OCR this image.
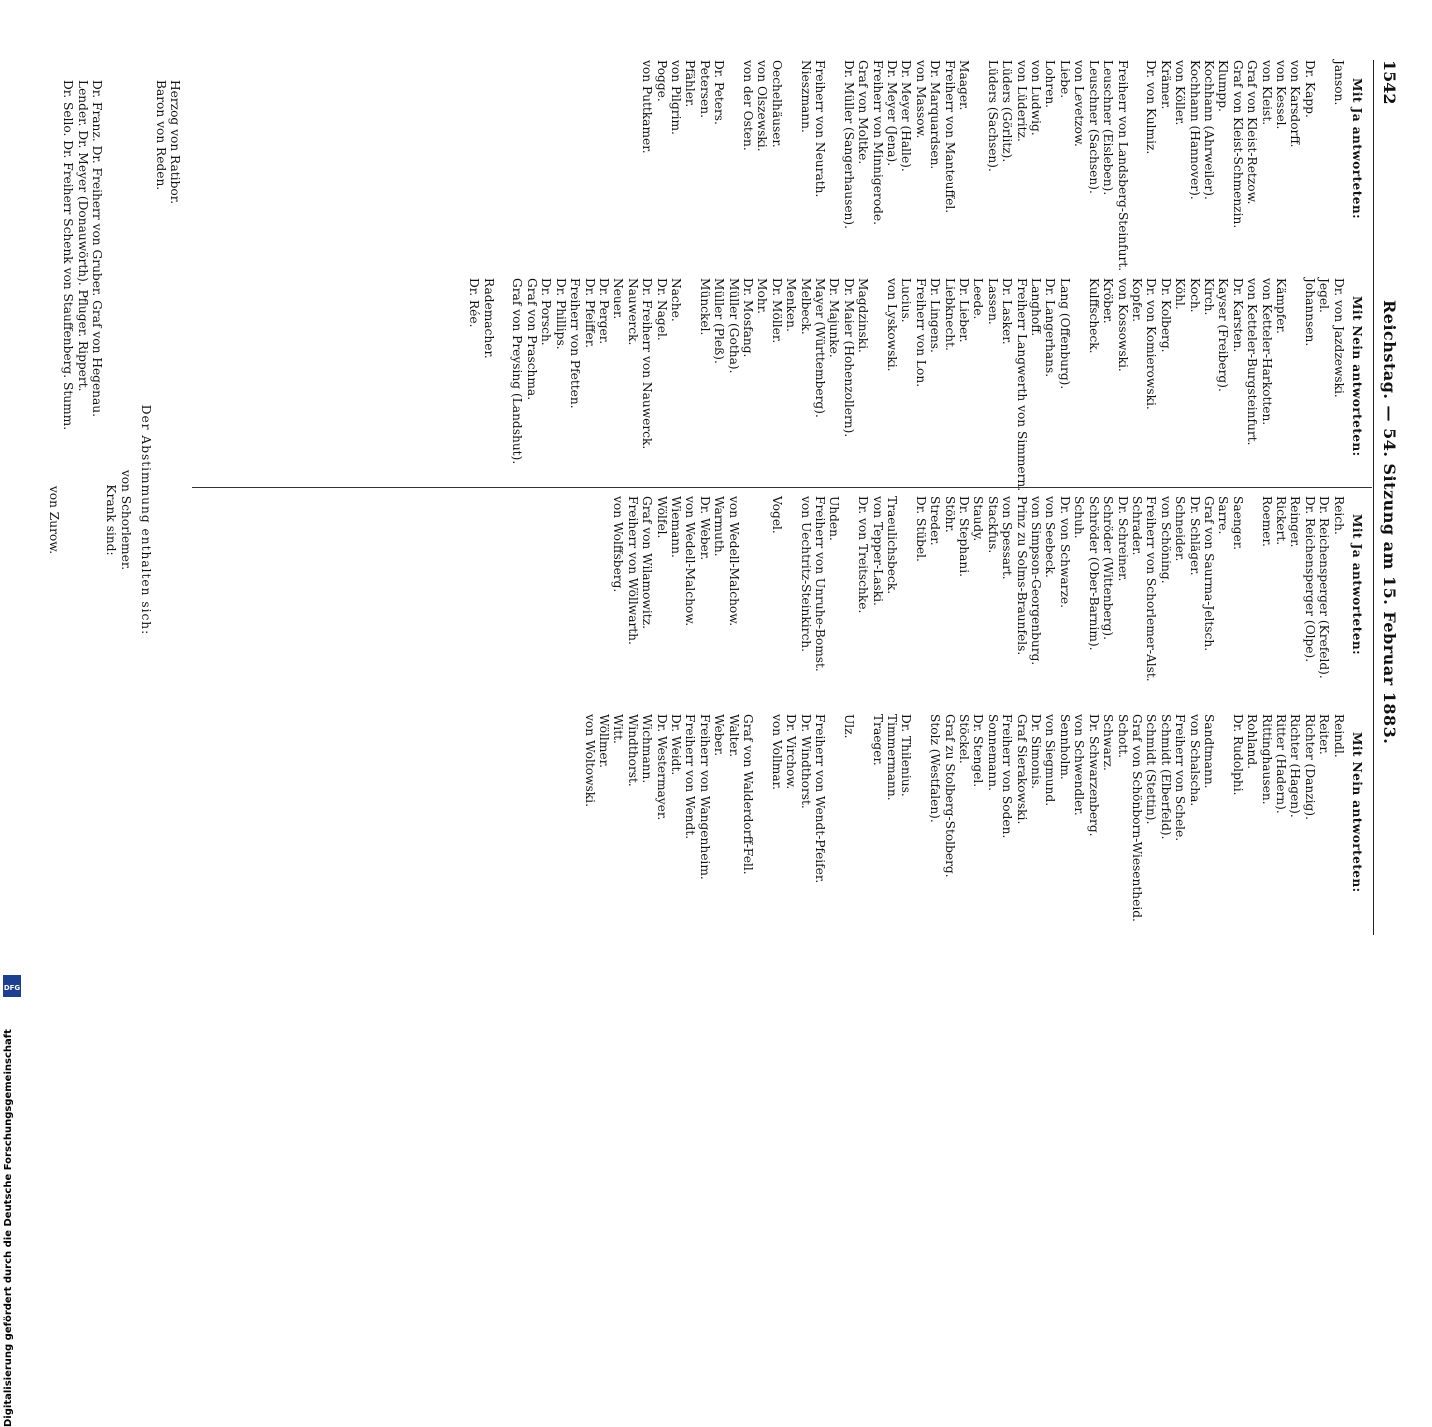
1542
Reichstag. — 54. Sitzung am 15. Februar 1883.
Mit Ja antworteten:
Janson.
Dr. Kapp.
von Karsdorff.
von Kessel.
von Kleist.
Graf von Kleist-Retzow.
Graf von Kleist-Schmenzin.
Klumpp.
Kochhann (Ahrweiler).
Kochhann (Hannover).
von Köller.
Krämer.
Dr. von Kulmiz.
Freiherr von Landsberg-Steinfurt.
Leuschner (Eisleben).
Leuschner (Sachsen).
von Levetzow.
Liebe.
Lohren.
von Ludwig.
von Lüderitz.
Lüders (Görlitz).
Lüders (Sachsen).
Maager.
Freiherr von Manteuffel.
Dr. Marquardsen.
von Massow.
Dr. Meyer (Halle).
Dr. Meyer (Jena).
Freiherr von Minnigerode.
Graf von Moltke.
Dr. Müller (Sangerhausen).
Freiherr von Neurath.
Nieszmann.
Oechelhäuser.
von Olszewski.
von der Osten.
Dr. Peters.
Petersen.
Pfähler.
von Pilgrim.
Pogge.
von Puttkamer.
Mit Nein antworteten:
Dr. von Jazdzewski.
Jegel.
Johannsen.
Kämpfer.
von Ketteler-Harkotten.
von Ketteler-Burgsteinfurt.
Dr. Karsten.
Kayser (Freiberg).
Kirch.
Koch.
Köhl.
Dr. Kolberg.
Dr. von Komierowski.
Kopfer.
von Kossowski.
Kröber.
Kulffscheck.
Lang (Offenburg).
Dr. Langerhans.
Langhoff.
Freiherr Langwerth von Simmern.
Dr. Lasker.
Lassen.
Leede.
Dr. Lieber.
Liebknecht.
Dr. Lingens.
Freiherr von Lon.
Lucius.
von Lyskowski.
Magdzinski.
Dr. Maier (Hohenzollern).
Dr. Majunke.
Mayer (Württemberg).
Melbeck.
Menken.
Dr. Möller.
Mohr.
Dr. Mosfang.
Müller (Gotha).
Müller (Pleß).
Münckel.
Nache.
Dr. Nagel.
Dr. Freiherr von Nauwerck.
Nauwerck.
Neuer.
Dr. Perger.
Dr. Pfeiffer.
Freiherr von Pfetten.
Dr. Phillips.
Dr. Porsch.
Graf von Praschma.
Graf von Preysing (Landshut).
Rademacher.
Dr. Rée.
Mit Ja antworteten:
Reich.
Dr. Reichensperger (Krefeld).
Dr. Reichensperger (Olpe).
Reinger.
Rickert.
Roemer.
Saenger.
Sarre.
Graf von Saurma-Jeltsch.
Dr. Schläger.
Schneider.
von Schöning.
Freiherr von Schorlemer-Alst.
Schrader.
Dr. Schreiner.
Schröder (Wittenberg).
Schröder (Ober-Barnim).
Schuh.
Dr. von Schwarze.
von Seebeck.
von Simpson-Georgenburg.
Prinz zu Solms-Braunfels.
von Spessart.
Stackfus.
Staudy.
Dr. Stephani.
Stöhr.
Streder.
Dr. Stübel.
Traeulichsbeck.
von Tepper-Laski.
Dr. von Treitschke.
Uhden.
Freiherr von Unruhe-Bomst.
von Uechtritz-Steinkirch.
Vogel.
von Wedell-Malchow.
Warmuth.
Dr. Weber.
von Wedell-Malchow.
Wiemann.
Wölfel.
Graf von Wilamowitz.
Freiherr von Wöllwarth.
von Wolffsberg.
Mit Nein antworteten:
Reindl.
Reiter.
Richter (Danzig).
Richter (Hagen).
Ritter (Hadern).
Rittinghausen.
Rohland.
Dr. Rudolphi.
Sandtmann.
von Schalscha.
Freiherr von Schele.
Schmidt (Elberfeld).
Schmidt (Stettin).
Graf von Schönborn-Wiesentheid.
Schott.
Schwarz.
Dr. Schwarzenberg.
von Schwendler.
Sennholm.
von Siegmund.
Dr. Simonis.
Graf Sierakowski.
Freiherr von Soden.
Sonnemann.
Dr. Stengel.
Stöckel.
Graf zu Stolberg-Stolberg.
Stolz (Westfalen).
Dr. Thilenius.
Timmermann.
Traeger.
Ulz.
Freiherr von Wendt-Pfeifer.
Dr. Windthorst.
Dr. Virchow.
von Vollmar.
Graf von Walderdorff-Fell.
Walter.
Weber.
Freiherr von Wangenheim.
Freiherr von Wendt.
Dr. Weidt.
Dr. Westermayer.
Wichmann.
Windthorst.
Witt.
Wöllmer.
von Woltowski.
Herzog von Ratibor.
Baron von Reden.
Der Abstimmung enthalten sich:
von Schorlemer.
Krank sind:
Dr. Franz. Dr. Freiherr von Gruber. Graf von Hegenau.
Lender. Dr. Meyer (Donauwörth). Pfluger. Rippert.
Dr. Sello. Dr. Freiherr Schenk von Stauffenberg. Stumm.
von Zurow.
DFG
Digitalisierung gefördert durch die Deutsche Forschungsgemeinschaft
